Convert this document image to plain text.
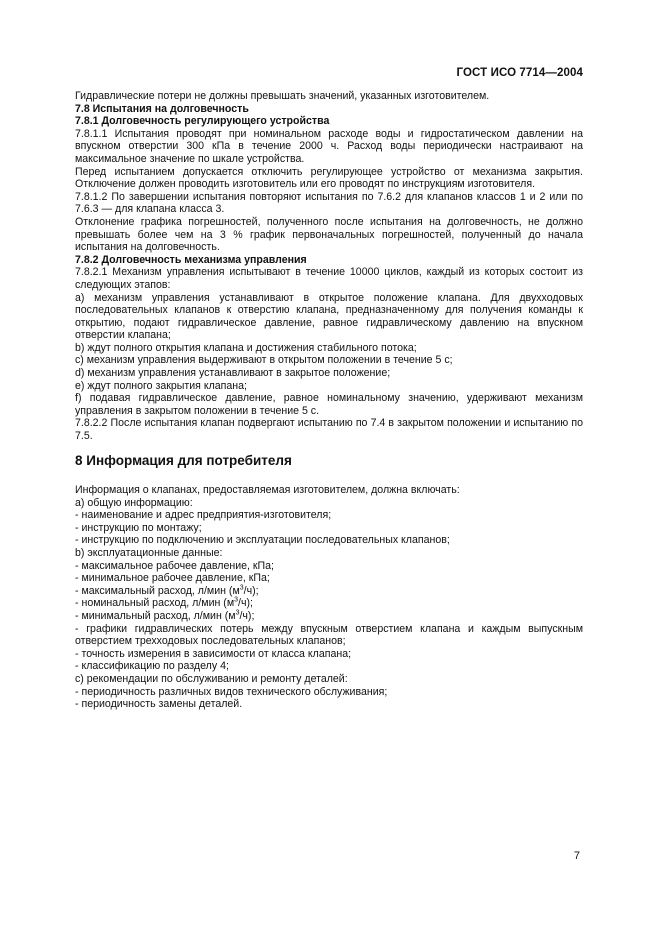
ГОСТ ИСО 7714—2004

Гидравлические потери не должны превышать значений, указанных изготовителем.

7.8 Испытания на долговечность

7.8.1 Долговечность регулирующего устройства

7.8.1.1 Испытания проводят при номинальном расходе воды и гидростатическом давлении на впускном отверстии 300 кПа в течение 2000 ч. Расход воды периодически настраивают на максимальное значение по шкале устройства.

Перед испытанием допускается отключить регулирующее устройство от механизма закрытия. Отключение должен проводить изготовитель или его проводят по инструкциям изготовителя.

7.8.1.2 По завершении испытания повторяют испытания по 7.6.2 для клапанов классов 1 и 2 или по 7.6.3 — для клапана класса 3.

Отклонение графика погрешностей, полученного после испытания на долговечность, не должно превышать более чем на 3 % график первоначальных погрешностей, полученный до начала испытания на долговечность.

7.8.2 Долговечность механизма управления

7.8.2.1 Механизм управления испытывают в течение 10000 циклов, каждый из которых состоит из следующих этапов:

а) механизм управления устанавливают в открытое положение клапана. Для двухходовых последовательных клапанов к отверстию клапана, предназначенному для получения команды к открытию, подают гидравлическое давление, равное гидравлическому давлению на впускном отверстии клапана;

b) ждут полного открытия клапана и достижения стабильного потока;

с) механизм управления выдерживают в открытом положении в течение 5 с;

d) механизм управления устанавливают в закрытое положение;

е) ждут полного закрытия клапана;

f) подавая гидравлическое давление, равное номинальному значению, удерживают механизм управления в закрытом положении в течение 5 с.

7.8.2.2 После испытания клапан подвергают испытанию по 7.4 в закрытом положении и испытанию по 7.5.

8 Информация для потребителя

Информация о клапанах, предоставляемая изготовителем, должна включать:

а) общую информацию:

- наименование и адрес предприятия-изготовителя;

- инструкцию по монтажу;

- инструкцию по подключению и эксплуатации последовательных клапанов;

b) эксплуатационные данные:

- максимальное рабочее давление, кПа;

- минимальное рабочее давление, кПа;

- максимальный расход, л/мин $(м^3/ч)$;

- номинальный расход, л/мин $(м^3/ч)$;

- минимальный расход, л/мин $(м^3/ч)$;

- графики гидравлических потерь между впускным отверстием клапана и каждым выпускным отверстием трехходовых последовательных клапанов;

- точность измерения в зависимости от класса клапана;

- классификацию по разделу 4;

с) рекомендации по обслуживанию и ремонту деталей:

- периодичность различных видов технического обслуживания;

- периодичность замены деталей.

7
